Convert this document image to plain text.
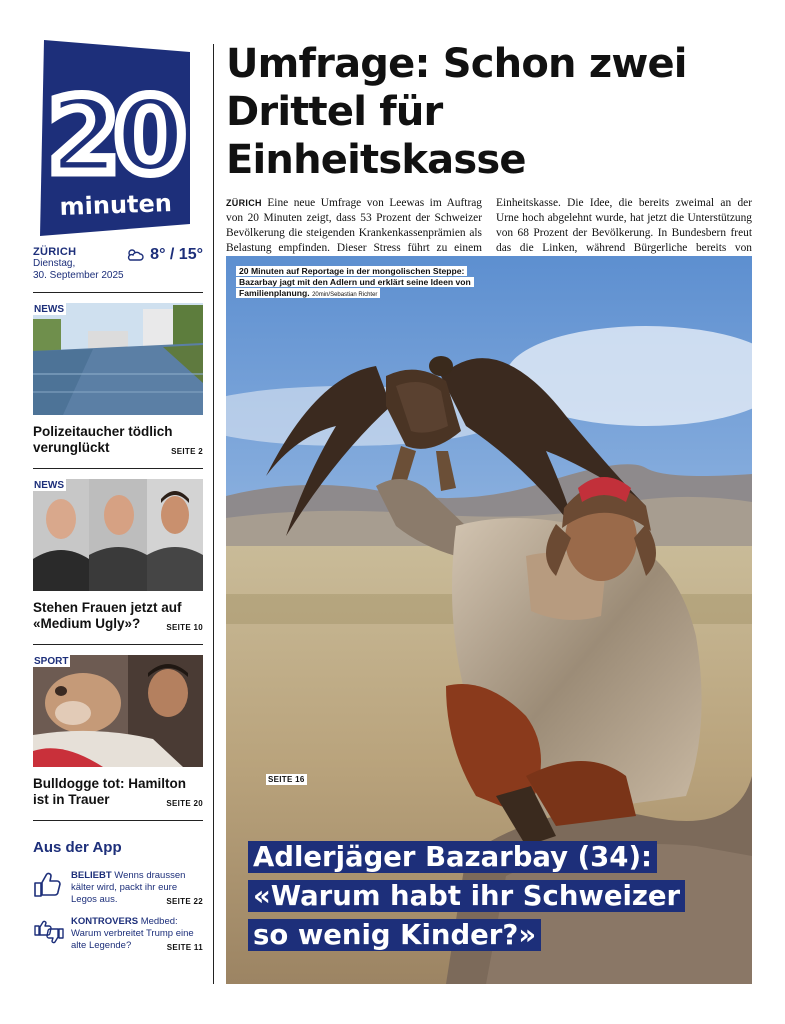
20
minuten
ZÜRICH
Dienstag,
30. September 2025
8° / 15°
NEWS
Polizeitaucher tödlich verunglückt	SEITE 2
NEWS
Stehen Frauen jetzt auf «Medium Ugly»?	SEITE 10
SPORT
Bulldogge tot: Hamilton ist in Trauer	SEITE 20
Aus der App
BELIEBT Wenns draussen kälter wird, packt ihr eure Legos aus.	SEITE 22
KONTROVERS Medbed: Warum verbreitet Trump eine alte Legende?	SEITE 11
Umfrage: Schon zwei
Drittel für Einheitskasse
ZÜRICH Eine neue Umfrage von Leewas im Auftrag von 20 Minuten zeigt, dass 53 Prozent der Schweizer Bevölkerung die steigenden Krankenkassenprämien als Belastung empfinden. Dieser Stress führt zu einem
Einheitskasse. Die Idee, die bereits zweimal an der Urne hoch abgelehnt wurde, hat jetzt die Unterstützung von 68 Prozent der Bevölkerung. In Bundesbern freut das die Linken, während Bürgerliche bereits von
20 Minuten auf Reportage in der mongolischen Steppe: Bazarbay jagt mit den Adlern und erklärt seine Ideen von Familienplanung. 20min/Sebastian Richter
SEITE 16
Adlerjäger Bazarbay (34):
«Warum habt ihr Schweizer
so wenig Kinder?»
